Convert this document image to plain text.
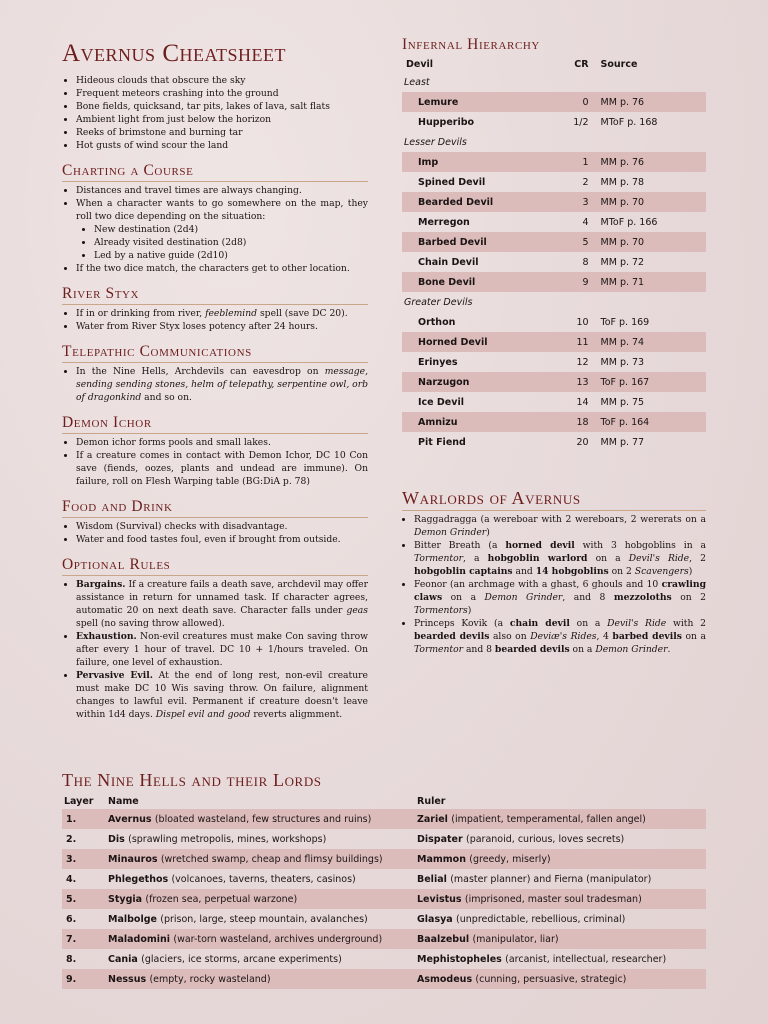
Avernus Cheatsheet
• Hideous clouds that obscure the sky
• Frequent meteors crashing into the ground
• Bone fields, quicksand, tar pits, lakes of lava, salt flats
• Ambient light from just below the horizon
• Reeks of brimstone and burning tar
• Hot gusts of wind scour the land
Charting a Course
• Distances and travel times are always changing.
• When a character wants to go somewhere on the map, they roll two dice depending on the situation:
• New destination (2d4)
• Already visited destination (2d8)
• Led by a native guide (2d10)
• If the two dice match, the characters get to other location.
River Styx
• If in or drinking from river, feeblemind spell (save DC 20).
• Water from River Styx loses potency after 24 hours.
Telepathic Communications
• In the Nine Hells, Archdevils can eavesdrop on message, sending sending stones, helm of telepathy, serpentine owl, orb of dragonkind and so on.
Demon Ichor
• Demon ichor forms pools and small lakes.
• If a creature comes in contact with Demon Ichor, DC 10 Con save (fiends, oozes, plants and undead are immune). On failure, roll on Flesh Warping table (BG:DiA p. 78)
Food and Drink
• Wisdom (Survival) checks with disadvantage.
• Water and food tastes foul, even if brought from outside.
Optional Rules
• Bargains. If a creature fails a death save, archdevil may offer assistance in return for unnamed task. If character agrees, automatic 20 on next death save. Character falls under geas spell (no saving throw allowed).
• Exhaustion. Non-evil creatures must make Con saving throw after every 1 hour of travel. DC 10 + 1/hours traveled. On failure, one level of exhaustion.
• Pervasive Evil. At the end of long rest, non-evil creature must make DC 10 Wis saving throw. On failure, alignment changes to lawful evil. Permanent if creature doesn't leave within 1d4 days. Dispel evil and good reverts aligmment.
Infernal Hierarchy
Devil	CR	Source
Least		
Lemure	0	MM p. 76
Hupperibo	1/2	MToF p. 168
Lesser Devils		
Imp	1	MM p. 76
Spined Devil	2	MM p. 78
Bearded Devil	3	MM p. 70
Merregon	4	MToF p. 166
Barbed Devil	5	MM p. 70
Chain Devil	8	MM p. 72
Bone Devil	9	MM p. 71
Greater Devils		
Orthon	10	ToF p. 169
Horned Devil	11	MM p. 74
Erinyes	12	MM p. 73
Narzugon	13	ToF p. 167
Ice Devil	14	MM p. 75
Amnizu	18	ToF p. 164
Pit Fiend	20	MM p. 77
Warlords of Avernus
• Raggadragga (a wereboar with 2 wereboars, 2 wererats on a Demon Grinder)
• Bitter Breath (a horned devil with 3 hobgoblins in a Tormentor, a hobgoblin warlord on a Devil's Ride, 2 hobgoblin captains and 14 hobgoblins on 2 Scavengers)
• Feonor (an archmage with a ghast, 6 ghouls and 10 crawling claws on a Demon Grinder, and 8 mezzoloths on 2 Tormentors)
• Princeps Kovik (a chain devil on a Devil's Ride with 2 bearded devils also on Deviæ's Rides, 4 barbed devils on a Tormentor and 8 bearded devils on a Demon Grinder.
The Nine Hells and their Lords
Layer	Name	Ruler
1.	Avernus (bloated wasteland, few structures and ruins)	Zariel (impatient, temperamental, fallen angel)
2.	Dis (sprawling metropolis, mines, workshops)	Dispater (paranoid, curious, loves secrets)
3.	Minauros (wretched swamp, cheap and flimsy buildings)	Mammon (greedy, miserly)
4.	Phlegethos (volcanoes, taverns, theaters, casinos)	Belial (master planner) and Fierna (manipulator)
5.	Stygia (frozen sea, perpetual warzone)	Levistus (imprisoned, master soul tradesman)
6.	Malbolge (prison, large, steep mountain, avalanches)	Glasya (unpredictable, rebellious, criminal)
7.	Maladomini (war-torn wasteland, archives underground)	Baalzebul (manipulator, liar)
8.	Cania (glaciers, ice storms, arcane experiments)	Mephistopheles (arcanist, intellectual, researcher)
9.	Nessus (empty, rocky wasteland)	Asmodeus (cunning, persuasive, strategic)
